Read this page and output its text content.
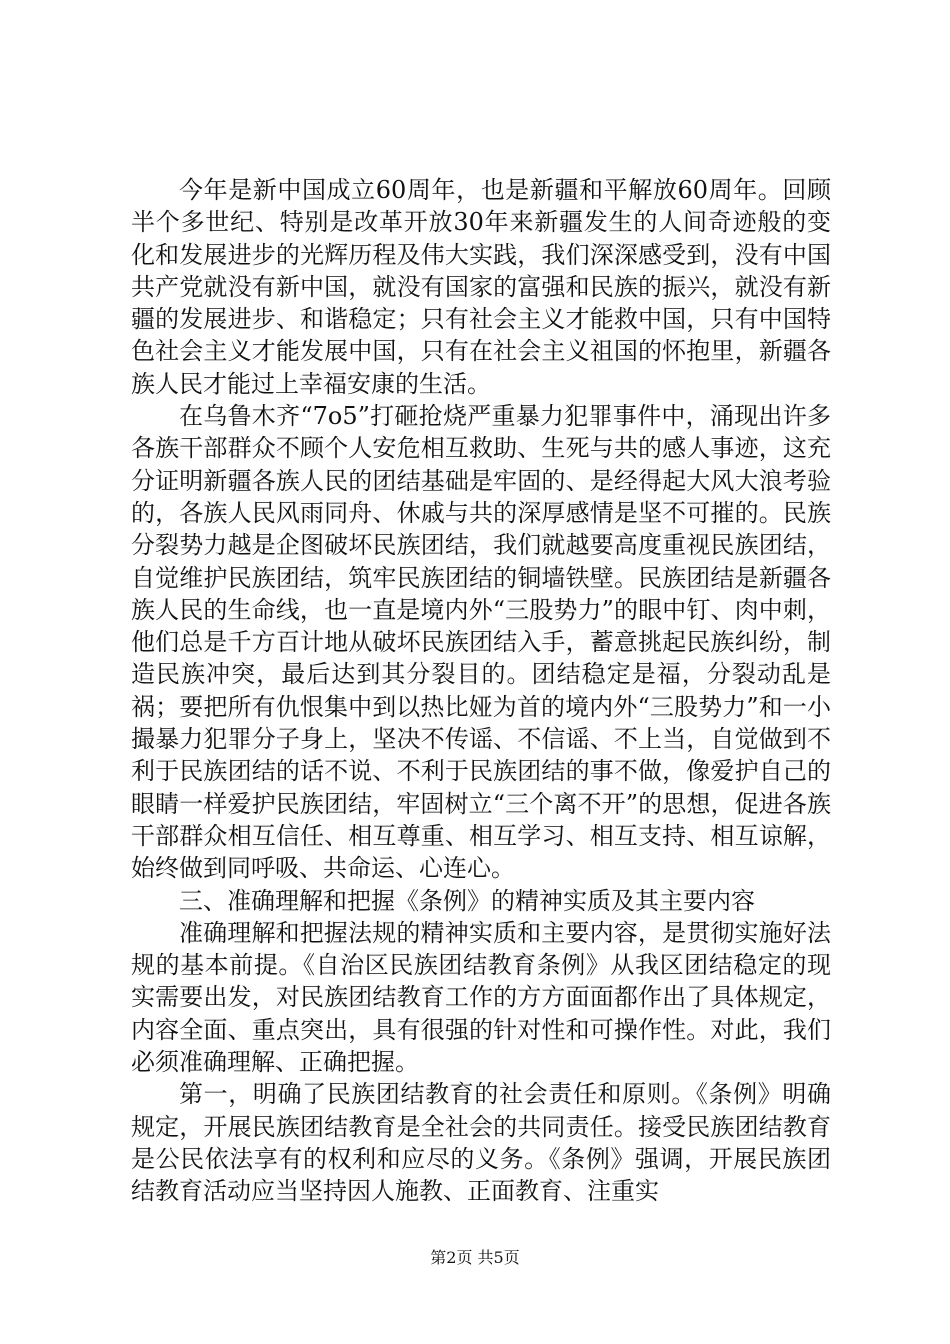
今年是新中国成立60周年，也是新疆和平解放60周年。回顾半个多世纪、特别是改革开放30年来新疆发生的人间奇迹般的变化和发展进步的光辉历程及伟大实践，我们深深感受到，没有中国共产党就没有新中国，就没有国家的富强和民族的振兴，就没有新疆的发展进步、和谐稳定；只有社会主义才能救中国，只有中国特色社会主义才能发展中国，只有在社会主义祖国的怀抱里，新疆各族人民才能过上幸福安康的生活。

在乌鲁木齐“7o5”打砸抢烧严重暴力犯罪事件中，涌现出许多各族干部群众不顾个人安危相互救助、生死与共的感人事迹，这充分证明新疆各族人民的团结基础是牢固的、是经得起大风大浪考验的，各族人民风雨同舟、休戚与共的深厚感情是坚不可摧的。民族分裂势力越是企图破坏民族团结，我们就越要高度重视民族团结，自觉维护民族团结，筑牢民族团结的铜墙铁壁。民族团结是新疆各族人民的生命线，也一直是境内外“三股势力”的眼中钉、肉中刺，他们总是千方百计地从破坏民族团结入手，蓄意挑起民族纠纷，制造民族冲突，最后达到其分裂目的。团结稳定是福，分裂动乱是祸；要把所有仇恨集中到以热比娅为首的境内外“三股势力”和一小撮暴力犯罪分子身上，坚决不传谣、不信谣、不上当，自觉做到不利于民族团结的话不说、不利于民族团结的事不做，像爱护自己的眼睛一样爱护民族团结，牢固树立“三个离不开”的思想，促进各族干部群众相互信任、相互尊重、相互学习、相互支持、相互谅解，始终做到同呼吸、共命运、心连心。

三、准确理解和把握《条例》的精神实质及其主要内容

准确理解和把握法规的精神实质和主要内容，是贯彻实施好法规的基本前提。《自治区民族团结教育条例》从我区团结稳定的现实需要出发，对民族团结教育工作的方方面面都作出了具体规定，内容全面、重点突出，具有很强的针对性和可操作性。对此，我们必须准确理解、正确把握。

第一，明确了民族团结教育的社会责任和原则。《条例》明确规定，开展民族团结教育是全社会的共同责任。接受民族团结教育是公民依法享有的权利和应尽的义务。《条例》强调，开展民族团结教育活动应当坚持因人施教、正面教育、注重实

第2页 共5页
